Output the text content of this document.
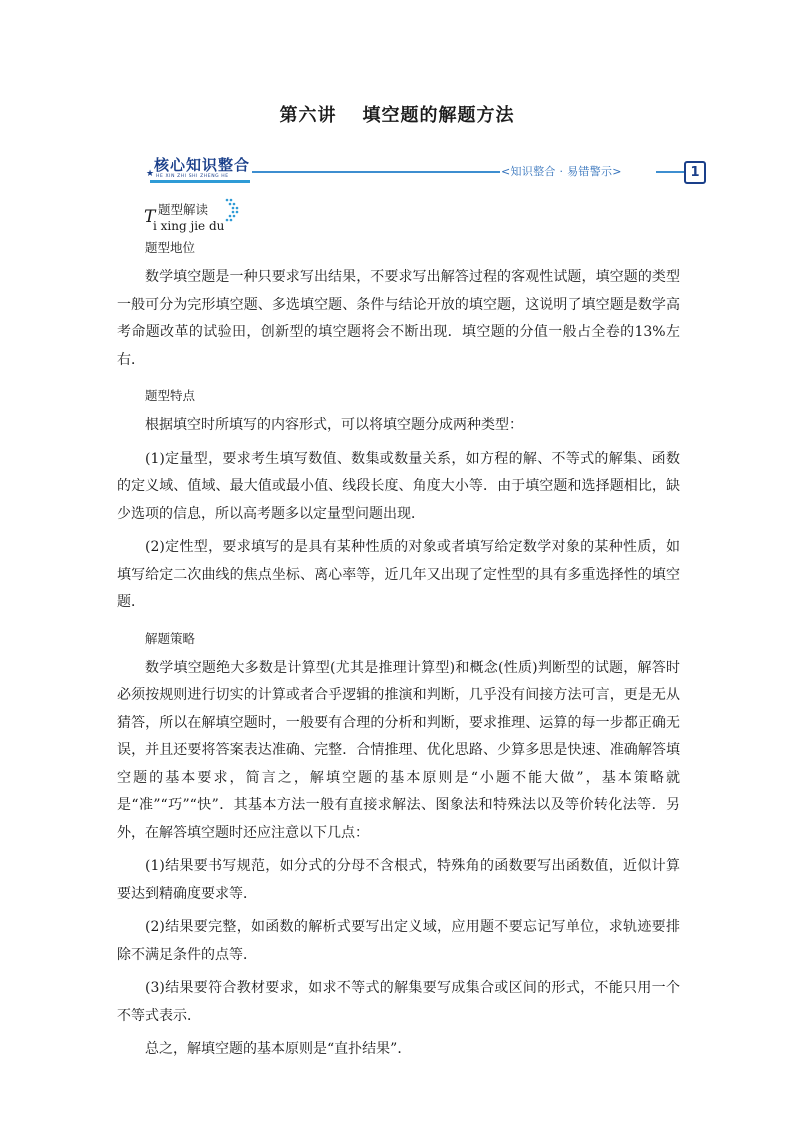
第六讲 填空题的解题方法
★ 核心知识整合
HE XIN ZHI SHI ZHENG HE	<知识整合 · 易错警示>	1
T 题型解读
i xing jie du
题型地位

数学填空题是一种只要求写出结果，不要求写出解答过程的客观性试题，填空题的类型一般可分为完形填空题、多选填空题、条件与结论开放的填空题，这说明了填空题是数学高考命题改革的试验田，创新型的填空题将会不断出现．填空题的分值一般占全卷的13%左右．

题型特点

根据填空时所填写的内容形式，可以将填空题分成两种类型：

(1)定量型，要求考生填写数值、数集或数量关系，如方程的解、不等式的解集、函数的定义域、值域、最大值或最小值、线段长度、角度大小等．由于填空题和选择题相比，缺少选项的信息，所以高考题多以定量型问题出现．

(2)定性型，要求填写的是具有某种性质的对象或者填写给定数学对象的某种性质，如填写给定二次曲线的焦点坐标、离心率等，近几年又出现了定性型的具有多重选择性的填空题．

解题策略

数学填空题绝大多数是计算型(尤其是推理计算型)和概念(性质)判断型的试题，解答时必须按规则进行切实的计算或者合乎逻辑的推演和判断，几乎没有间接方法可言，更是无从猜答，所以在解填空题时，一般要有合理的分析和判断，要求推理、运算的每一步都正确无误，并且还要将答案表达准确、完整．合情推理、优化思路、少算多思是快速、准确解答填空题的基本要求，简言之，解填空题的基本原则是“小题不能大做”，基本策略就是“准”“巧”“快”．其基本方法一般有直接求解法、图象法和特殊法以及等价转化法等．另外，在解答填空题时还应注意以下几点：

(1)结果要书写规范，如分式的分母不含根式，特殊角的函数要写出函数值，近似计算要达到精确度要求等．

(2)结果要完整，如函数的解析式要写出定义域，应用题不要忘记写单位，求轨迹要排除不满足条件的点等．

(3)结果要符合教材要求，如求不等式的解集要写成集合或区间的形式，不能只用一个不等式表示．

总之，解填空题的基本原则是“直扑结果”．
